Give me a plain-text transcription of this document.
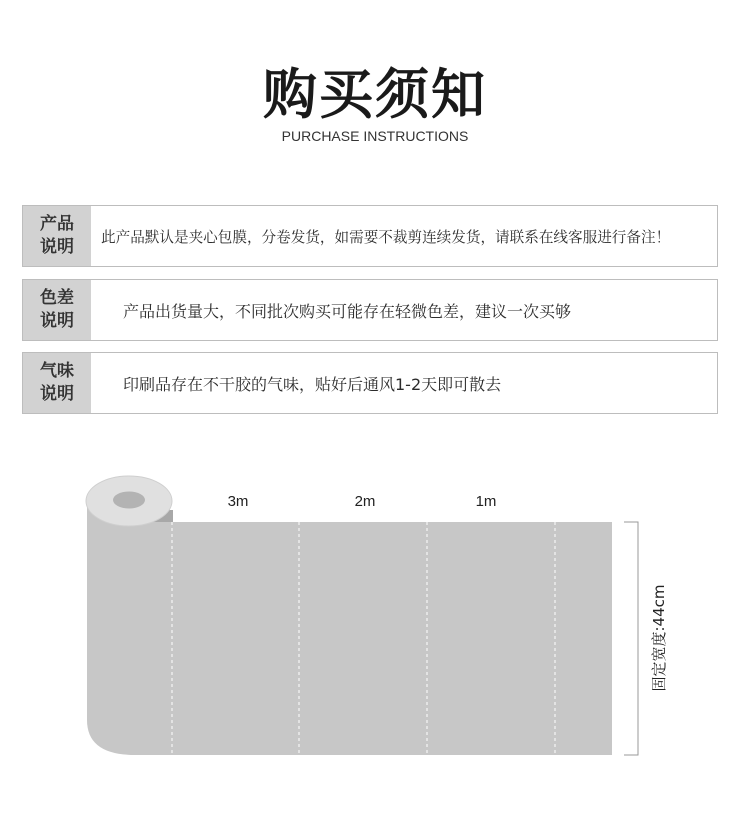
购买须知
PURCHASE INSTRUCTIONS
产品
说明 此产品默认是夹心包膜，分卷发货，如需要不裁剪连续发货，请联系在线客服进行备注！
色差
说明	产品出货量大，不同批次购买可能存在轻微色差，建议一次买够
气味
说明	印刷品存在不干胶的气味，贴好后通风1-2天即可散去
3m	2m	1m
固定宽度:44cm
